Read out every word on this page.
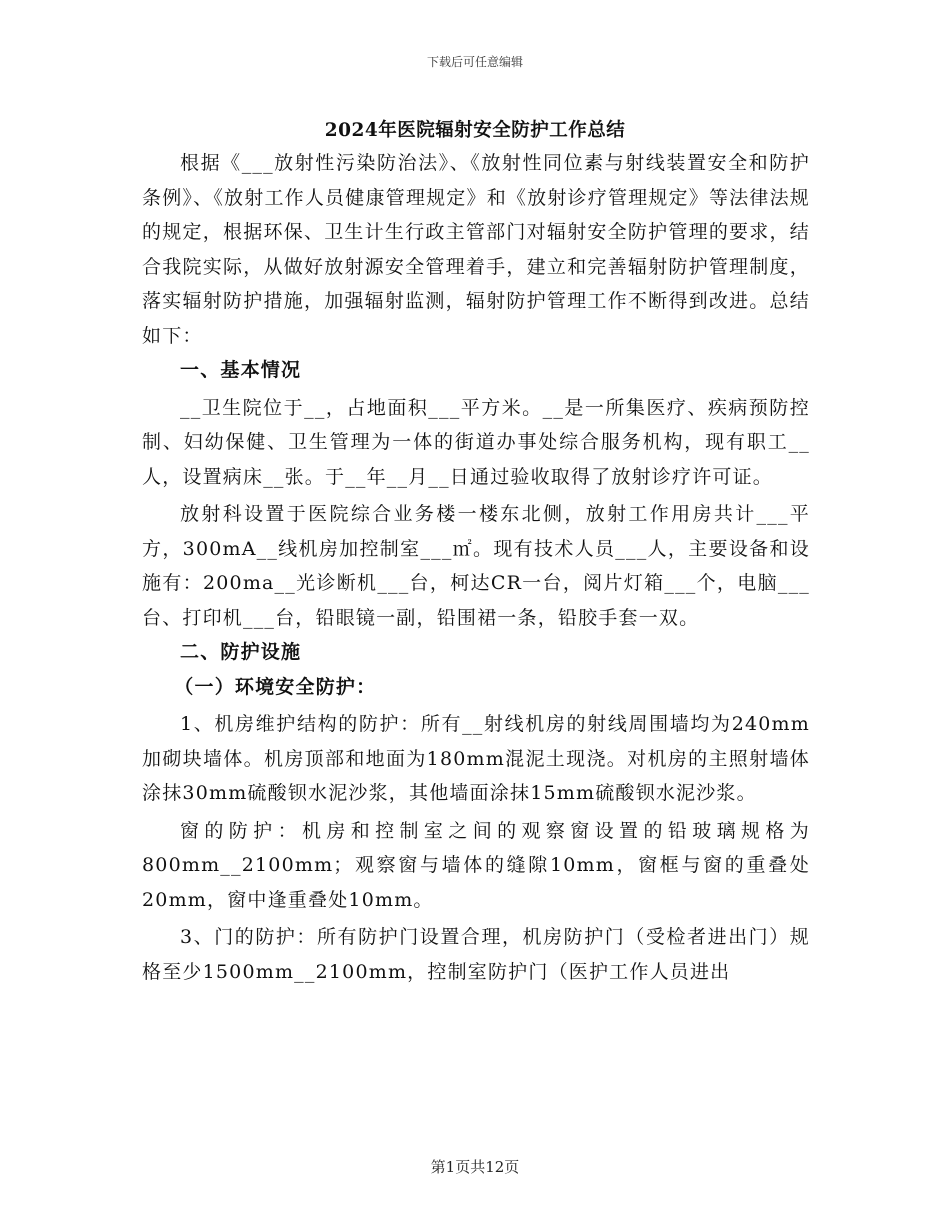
下载后可任意编辑
2024年医院辐射安全防护工作总结

根据《___放射性污染防治法》、《放射性同位素与射线装置安全和防护条例》、《放射工作人员健康管理规定》和《放射诊疗管理规定》等法律法规的规定，根据环保、卫生计生行政主管部门对辐射安全防护管理的要求，结合我院实际，从做好放射源安全管理着手，建立和完善辐射防护管理制度，落实辐射防护措施，加强辐射监测，辐射防护管理工作不断得到改进。总结如下：

一、基本情况

__卫生院位于__，占地面积___平方米。__是一所集医疗、疾病预防控制、妇幼保健、卫生管理为一体的街道办事处综合服务机构，现有职工__人，设置病床__张。于__年__月__日通过验收取得了放射诊疗许可证。

放射科设置于医院综合业务楼一楼东北侧，放射工作用房共计___平方，300mA__线机房加控制室___㎡。现有技术人员___人，主要设备和设施有：200ma__光诊断机___台，柯达CR一台，阅片灯箱___个，电脑___台、打印机___台，铅眼镜一副，铅围裙一条，铅胶手套一双。

二、防护设施
（一）环境安全防护：

1、机房维护结构的防护：所有__射线机房的射线周围墙均为240mm加砌块墙体。机房顶部和地面为180mm混泥土现浇。对机房的主照射墙体涂抹30mm硫酸钡水泥沙浆，其他墙面涂抹15mm硫酸钡水泥沙浆。

窗的防护：机房和控制室之间的观察窗设置的铅玻璃规格为800mm__2100mm；观察窗与墙体的缝隙10mm，窗框与窗的重叠处20mm，窗中逢重叠处10mm。

3、门的防护：所有防护门设置合理，机房防护门（受检者进出门）规格至少1500mm__2100mm，控制室防护门（医护工作人员进出

第1页共12页
